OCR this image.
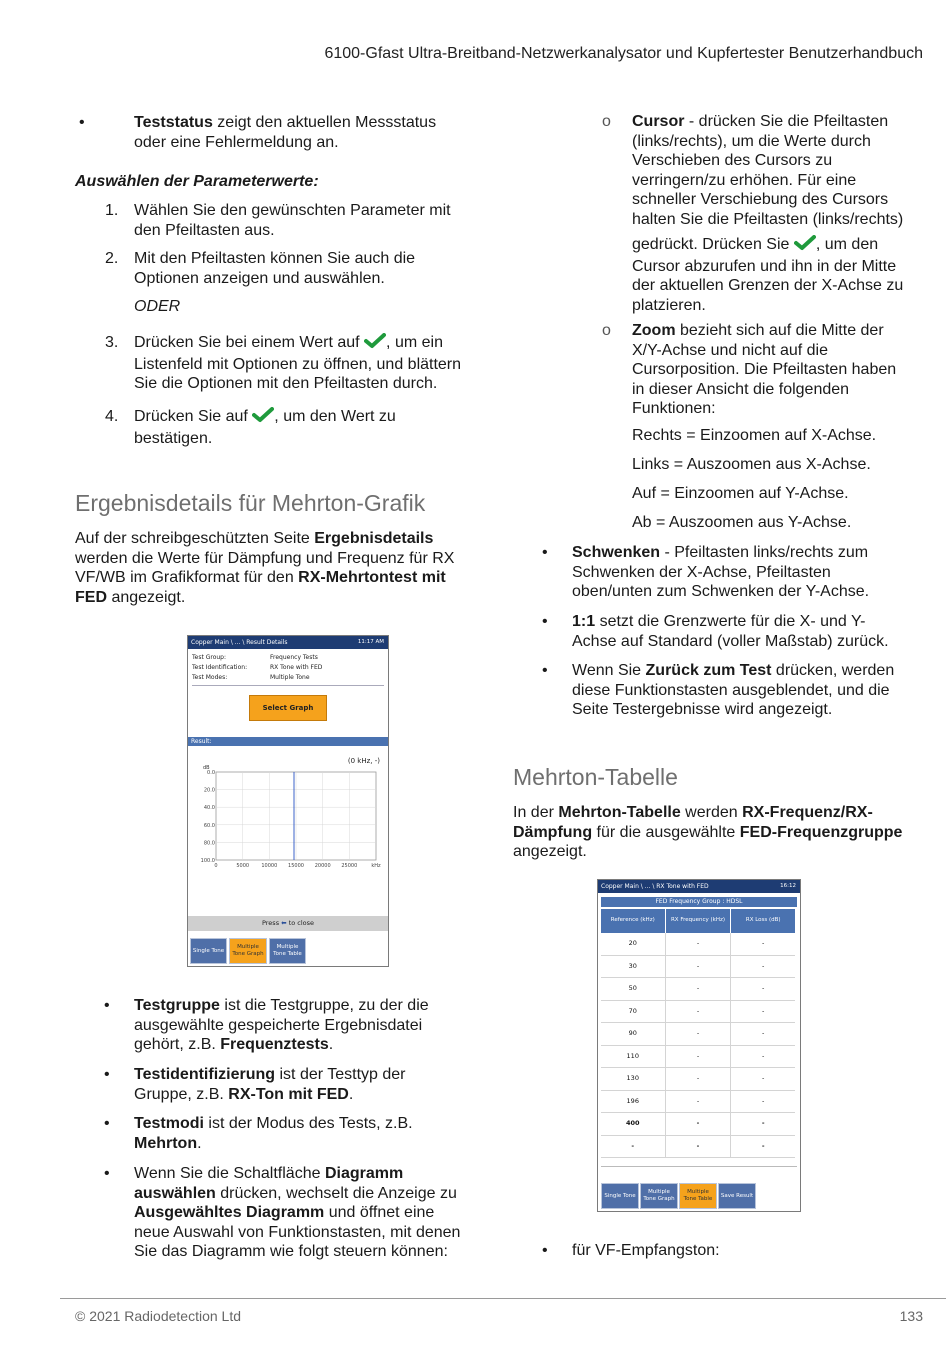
6100-Gfast Ultra-Breitband-Netzwerkanalysator und Kupfertester Benutzerhandbuch
•	Teststatus zeigt den aktuellen Messstatus
oder eine Fehlermeldung an.
Auswählen der Parameterwerte:
1. Wählen Sie den gewünschten Parameter mit
den Pfeiltasten aus.
2. Mit den Pfeiltasten können Sie auch die
Optionen anzeigen und auswählen.
ODER
3. Drücken Sie bei einem Wert auf , um ein
Listenfeld mit Optionen zu öffnen, und blättern
Sie die Optionen mit den Pfeiltasten durch.
4. Drücken Sie auf , um den Wert zu
bestätigen.
Ergebnisdetails für Mehrton-Grafik
Auf der schreibgeschützten Seite Ergebnisdetails
werden die Werte für Dämpfung und Frequenz für RX
VF/WB im Grafikformat für den RX-Mehrtontest mit
FED angezeigt.
Copper Main \ ... \ Result Details	11:17 AM
Test Group:	Frequency Tests
Test Identification:	RX Tone with FED
Test Modes:	Multiple Tone
Select Graph
Result:
(0 kHz, -)
dB
0.0
20.0
40.0
60.0
80.0
100.0
0	5000 10000 15000 20000 25000	kHz
Press ⬅ to close
Single Tone
Multiple Tone Graph
Multiple Tone Table
• Testgruppe ist die Testgruppe, zu der die
ausgewählte gespeicherte Ergebnisdatei
gehört, z.B. Frequenztests.
• Testidentifizierung ist der Testtyp der
Gruppe, z.B. RX-Ton mit FED.
• Testmodi ist der Modus des Tests, z.B.
Mehrton.
• Wenn Sie die Schaltfläche Diagramm
auswählen drücken, wechselt die Anzeige zu
Ausgewähltes Diagramm und öffnet eine
neue Auswahl von Funktionstasten, mit denen
Sie das Diagramm wie folgt steuern können:
o Cursor - drücken Sie die Pfeiltasten
(links/rechts), um die Werte durch
Verschieben des Cursors zu
verringern/zu erhöhen. Für eine
schneller Verschiebung des Cursors
halten Sie die Pfeiltasten (links/rechts)
gedrückt. Drücken Sie , um den
Cursor abzurufen und ihn in der Mitte
der aktuellen Grenzen der X-Achse zu
platzieren.
o Zoom bezieht sich auf die Mitte der
X/Y-Achse und nicht auf die
Cursorposition. Die Pfeiltasten haben
in dieser Ansicht die folgenden
Funktionen:
Rechts = Einzoomen auf X-Achse.
Links = Auszoomen aus X-Achse.
Auf = Einzoomen auf Y-Achse.
Ab = Auszoomen aus Y-Achse.
• Schwenken - Pfeiltasten links/rechts zum
Schwenken der X-Achse, Pfeiltasten
oben/unten zum Schwenken der Y-Achse.
• 1:1 setzt die Grenzwerte für die X- und Y-
Achse auf Standard (voller Maßstab) zurück.
• Wenn Sie Zurück zum Test drücken, werden
diese Funktionstasten ausgeblendet, und die
Seite Testergebnisse wird angezeigt.
Mehrton-Tabelle
In der Mehrton-Tabelle werden RX-Frequenz/RX-
Dämpfung für die ausgewählte FED-Frequenzgruppe
angezeigt.
• für VF-Empfangston:
Copper Main \ ... \ RX Tone with FED	16:12
FED Frequency Group : HDSL
Reference (kHz)	RX Frequency (kHz)	RX Loss (dB)
20	-	-
30	-	-
50	-	-
70	-	-
90	-	-
110	-	-
130	-	-
196	-	-
400	-	-
-	-	-
Single Tone
Multiple Tone Graph
Multiple Tone Table
Save Result
© 2021 Radiodetection Ltd	133
